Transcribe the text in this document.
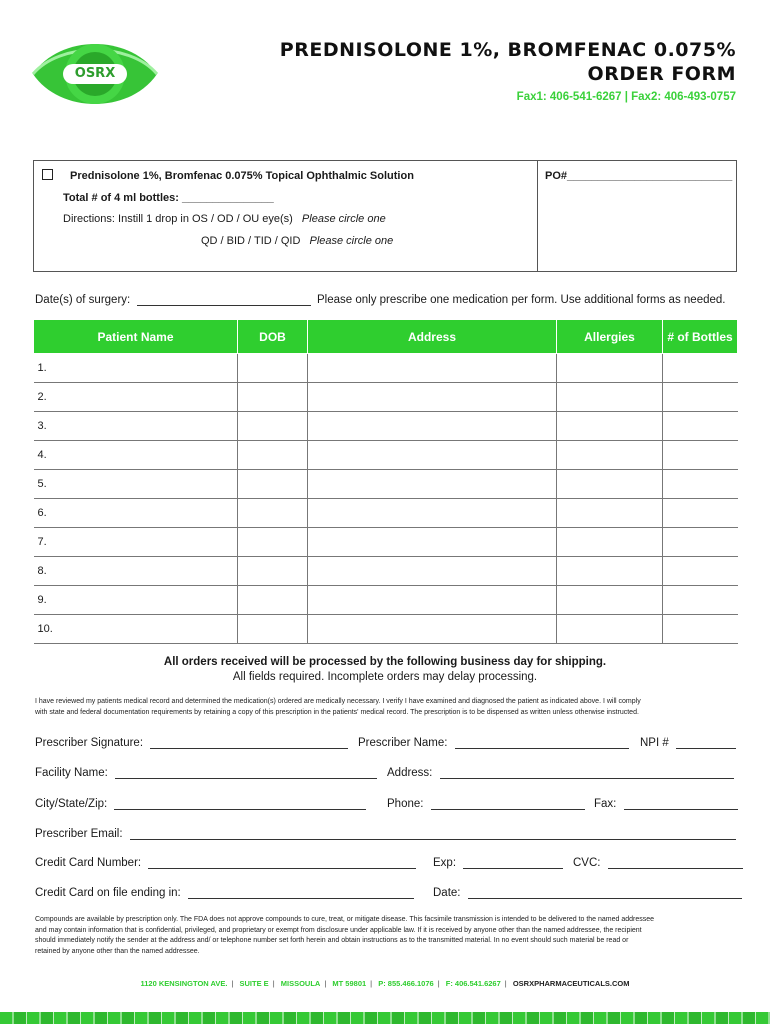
OSRX
PREDNISOLONE 1%, BROMFENAC 0.075%
ORDER FORM
Fax1: 406-541-6267 | Fax2: 406-493-0757
Prednisolone 1%, Bromfenac 0.075% Topical Ophthalmic Solution
Total # of 4 ml bottles: _______________
Directions: Instill 1 drop in OS / OD / OU eye(s) Please circle one
QD / BID / TID / QID Please circle one
PO#___________________________
Date(s) of surgery:	Please only prescribe one medication per form. Use additional forms as needed.
Patient Name	DOB	Address	Allergies	# of Bottles
1.				
2.				
3.				
4.				
5.				
6.				
7.				
8.				
9.				
10.				
All orders received will be processed by the following business day for shipping.
All fields required. Incomplete orders may delay processing.
I have reviewed my patients medical record and determined the medication(s) ordered are medically necessary. I verify I have examined and diagnosed the patient as indicated above. I will comply
with state and federal documentation requirements by retaining a copy of this prescription in the patients' medical record. The prescription is to be dispensed as written unless otherwise instructed.
Prescriber Signature:	Prescriber Name:	NPI #
Facility Name:	Address:
City/State/Zip:	Phone:	Fax:
Prescriber Email:
Credit Card Number:	Exp:	CVC:
Credit Card on file ending in:	Date:
Compounds are available by prescription only. The FDA does not approve compounds to cure, treat, or mitigate disease. This facsimile transmission is intended to be delivered to the named addressee
and may contain information that is confidential, privileged, and proprietary or exempt from disclosure under applicable law. If it is received by anyone other than the named addressee, the recipient
should immediately notify the sender at the address and/ or telephone number set forth herein and obtain instructions as to the transmitted material. In no event should such material be read or
retained by anyone other than the named addressee.
1120 KENSINGTON AVE. | SUITE E | MISSOULA | MT 59801 | P: 855.466.1076 | F: 406.541.6267 | OSRXPHARMACEUTICALS.COM
